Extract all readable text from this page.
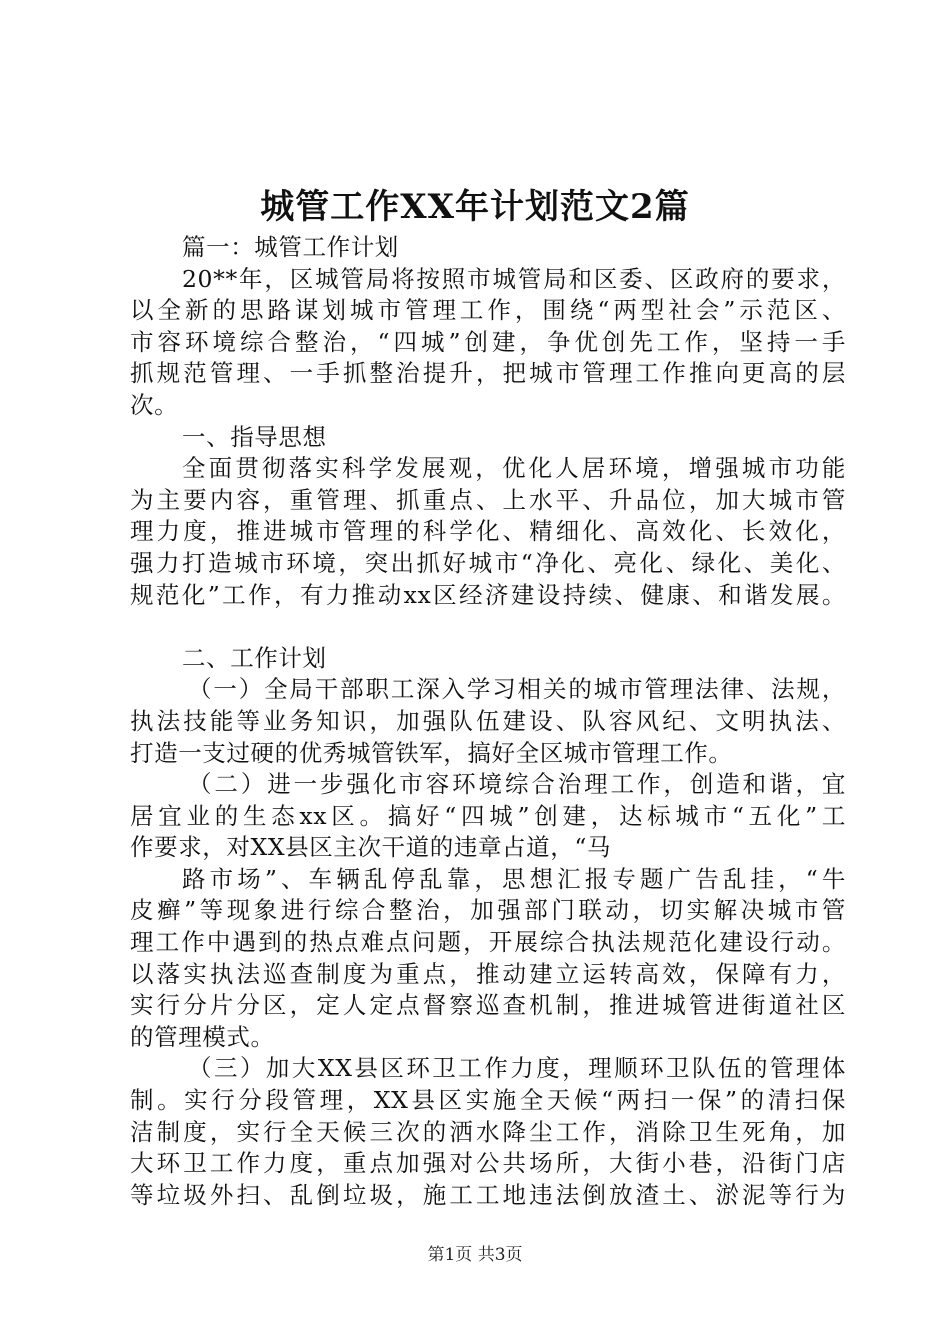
城管工作XX年计划范文2篇
篇一：城管工作计划
20**年，区城管局将按照市城管局和区委、区政府的要求，
以全新的思路谋划城市管理工作，围绕“两型社会”示范区、
市容环境综合整治，“四城”创建，争优创先工作，坚持一手
抓规范管理、一手抓整治提升，把城市管理工作推向更高的层
次。
一、指导思想
全面贯彻落实科学发展观，优化人居环境，增强城市功能
为主要内容，重管理、抓重点、上水平、升品位，加大城市管
理力度，推进城市管理的科学化、精细化、高效化、长效化，
强力打造城市环境，突出抓好城市“净化、亮化、绿化、美化、
规范化”工作，有力推动xx区经济建设持续、健康、和谐发展。
二、工作计划
（一）全局干部职工深入学习相关的城市管理法律、法规，
执法技能等业务知识，加强队伍建设、队容风纪、文明执法、
打造一支过硬的优秀城管铁军，搞好全区城市管理工作。
（二）进一步强化市容环境综合治理工作，创造和谐，宜
居宜业的生态xx区。搞好“四城”创建，达标城市“五化”工
作要求，对XX县区主次干道的违章占道，“马
路市场”、车辆乱停乱靠，思想汇报专题广告乱挂，“牛
皮癣”等现象进行综合整治，加强部门联动，切实解决城市管
理工作中遇到的热点难点问题，开展综合执法规范化建设行动。
以落实执法巡查制度为重点，推动建立运转高效，保障有力，
实行分片分区，定人定点督察巡查机制，推进城管进街道社区
的管理模式。
（三）加大XX县区环卫工作力度，理顺环卫队伍的管理体
制。实行分段管理，XX县区实施全天候“两扫一保”的清扫保
洁制度，实行全天候三次的洒水降尘工作，消除卫生死角，加
大环卫工作力度，重点加强对公共场所，大街小巷，沿街门店
等垃圾外扫、乱倒垃圾，施工工地违法倒放渣土、淤泥等行为
第1页 共3页
